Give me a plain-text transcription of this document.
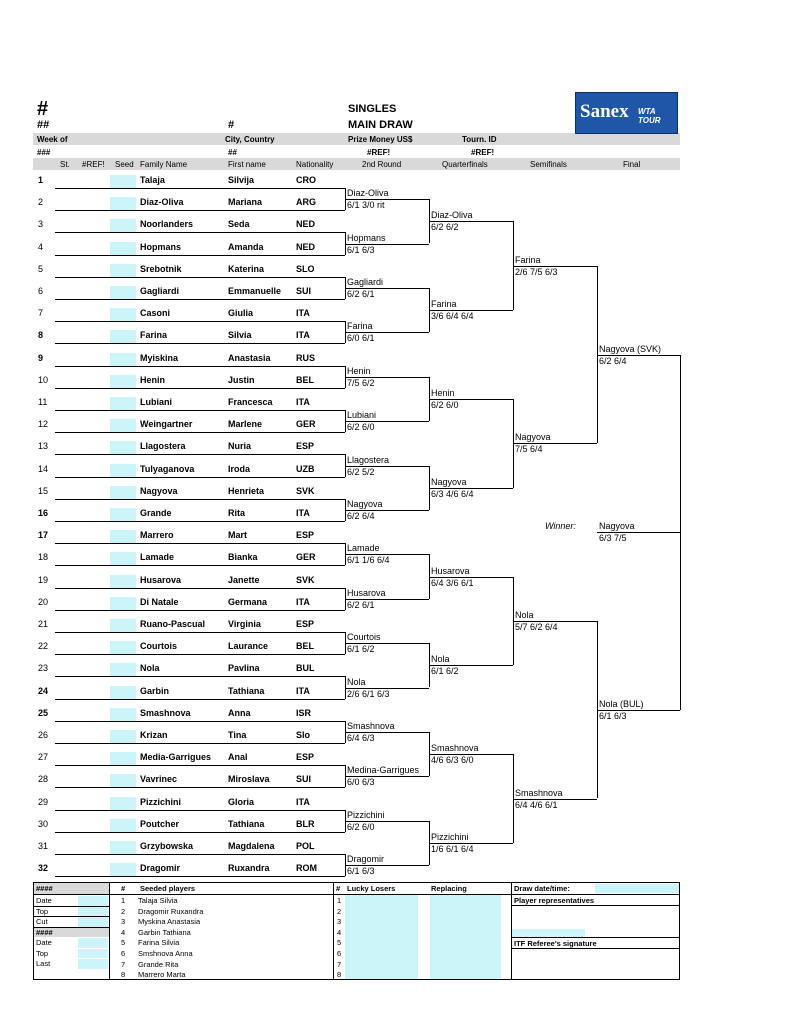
#
##
Week of
#
City, Country
SINGLES
MAIN DRAW
Prize Money US$	Tourn. ID
###	##	#REF!	#REF!
Sanex WTA TOUR
St. #REF! Seed Family Name	First name	Nationality	2nd Round	Quarterfinals	Semifinals	Final
1	Talaja	Silvija	CRO
2	Diaz-Oliva	Mariana	ARG
3	Noorlanders	Seda	NED
4	Hopmans	Amanda	NED
5	Srebotnik	Katerina	SLO
6	Gagliardi	Emmanuelle SUI
7	Casoni	Giulia	ITA
8	Farina	Silvia	ITA
9	Myiskina	Anastasia	RUS
10	Henin	Justin	BEL
11	Lubiani	Francesca	ITA
12	Weingartner	Marlene	GER
13	Llagostera	Nuria	ESP
14	Tulyaganova	Iroda	UZB
15	Nagyova	Henrieta	SVK
16	Grande	Rita	ITA
17	Marrero	Mart	ESP
18	Lamade	Bianka	GER
19	Husarova	Janette	SVK
20	Di Natale	Germana	ITA
21	Ruano-Pascual	Virginia	ESP
22	Courtois	Laurance	BEL
23	Nola	Pavlina	BUL
24	Garbin	Tathiana	ITA
25	Smashnova	Anna	ISR
26	Krizan	Tina	Slo
27	Media-Garrigues Anal	ESP
28	Vavrinec	Miroslava	SUI
29	Pizzichini	Gloria	ITA
30	Poutcher	Tathiana	BLR
31	Grzybowska	Magdalena POL
32	Dragomir	Ruxandra	ROM
Diaz-Oliva
6/1 3/0 rit
Hopmans
6/1 6/3
Gagliardi
6/2 6/1
Farina
6/0 6/1
Henin
7/5 6/2
Lubiani
6/2 6/0
Llagostera
6/2 5/2
Nagyova
6/2 6/4
Lamade
6/1 1/6 6/4
Husarova
6/2 6/1
Courtois
6/1 6/2
Nola
2/6 6/1 6/3
Smashnova
6/4 6/3
Medina-Garrigues
6/0 6/3
Pizzichini
6/2 6/0
Dragomir
6/1 6/3
Diaz-Oliva
6/2 6/2
Farina
3/6 6/4 6/4
Henin
6/2 6/0
Nagyova
6/3 4/6 6/4
Husarova
6/4 3/6 6/1
Nola
6/1 6/2
Smashnova
4/6 6/3 6/0
Pizzichini
1/6 6/1 6/4
Farina
2/6 7/5 6/3
Nagyova
7/5 6/4
Nola
5/7 6/2 6/4
Smashnova
6/4 4/6 6/1
Nagyova (SVK)
6/2 6/4
Nola (BUL)
6/1 6/3
Winner:	Nagyova
6/3 7/5
####
####
# Seeded players	# Lucky Losers	Replacing	Draw date/time:
Player representatives
ITF Referee's signature
Date
Top
Cut
Date
Top
Last
1 Talaja Silvia
2 Dragomir Ruxandra
3 Myskina Anastasia
4 Garbin Tathiana
5 Farina Silvia
6 Smshnova Anna
7 Grande Rita
8 Marrero Marta
1
2
3
4
5
6
7
8
